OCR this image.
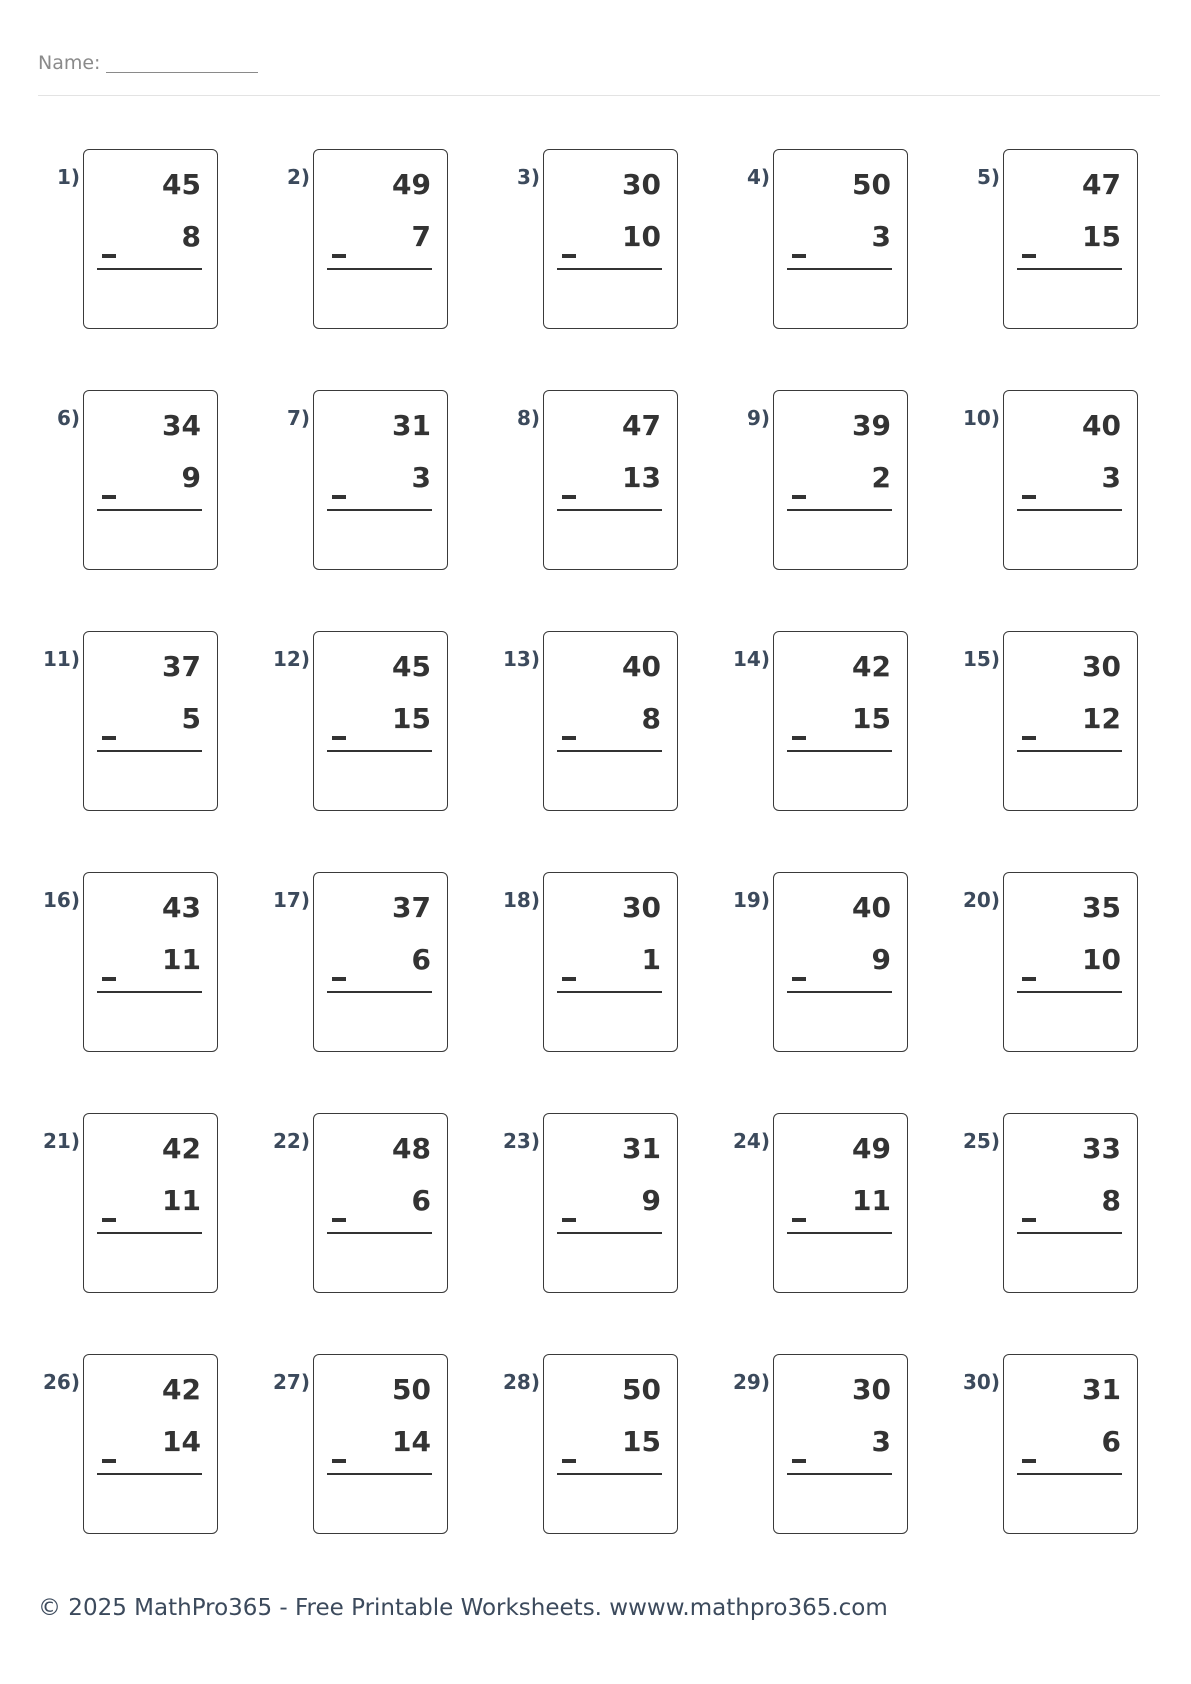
Name:
1)	45
8
2)	49
7
3)	30
10
4)	50
3
5)	47
15
6)	34
9
7)	31
3
8)	47
13
9)	39
2
10)	40
3
11)	37
5
12)	45
15
13)	40
8
14)	42
15
15)	30
12
16)	43
11
17)	37
6
18)	30
1
19)	40
9
20)	35
10
21)	42
11
22)	48
6
23)	31
9
24)	49
11
25)	33
8
26)	42
14
27)	50
14
28)	50
15
29)	30
3
30)	31
6
© 2025 MathPro365 - Free Printable Worksheets. wwww.mathpro365.com
